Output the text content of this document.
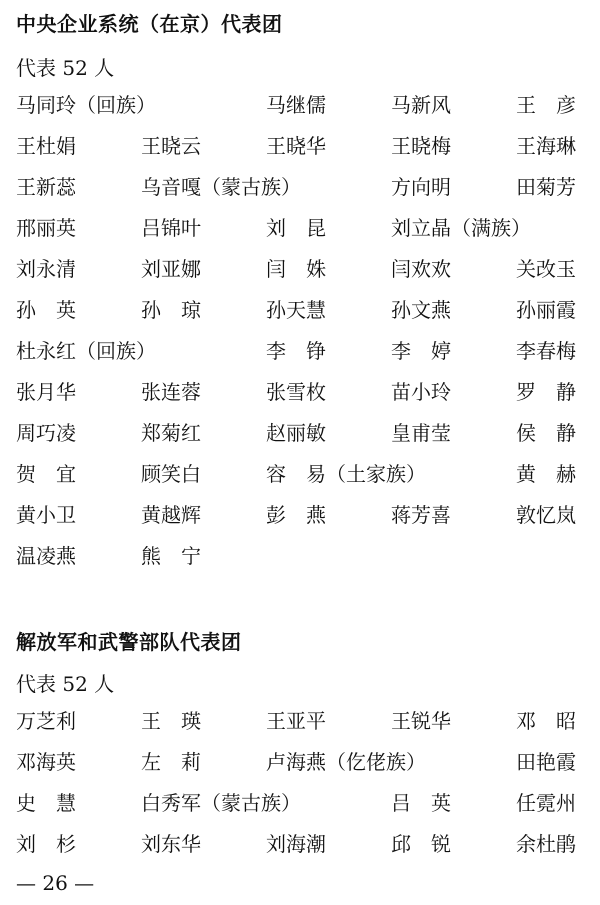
中央企业系统（在京）代表团
代表 52 人
马同玲（回族）	马继儒	马新风	王　彦
王杜娟	王晓云	王晓华	王晓梅	王海琳
王新蕊	乌音嘎（蒙古族）	方向明	田菊芳
邢丽英	吕锦叶	刘　昆	刘立晶（满族）
刘永清	刘亚娜	闫　姝	闫欢欢	关改玉
孙　英	孙　琼	孙天慧	孙文燕	孙丽霞
杜永红（回族）	李　铮	李　婷	李春梅
张月华	张连蓉	张雪枚	苗小玲	罗　静
周巧凌	郑菊红	赵丽敏	皇甫莹	侯　静
贺　宜	顾笑白	容　易（土家族）	黄　赫
黄小卫	黄越辉	彭　燕	蒋芳喜	敦忆岚
温凌燕	熊　宁
解放军和武警部队代表团
代表 52 人
万芝利	王　瑛	王亚平	王锐华	邓　昭
邓海英	左　莉	卢海燕（仡佬族）	田艳霞
史　慧	白秀军（蒙古族）	吕　英	任霓州
刘　杉	刘东华	刘海潮	邱　锐	余杜鹃
— 26 —
